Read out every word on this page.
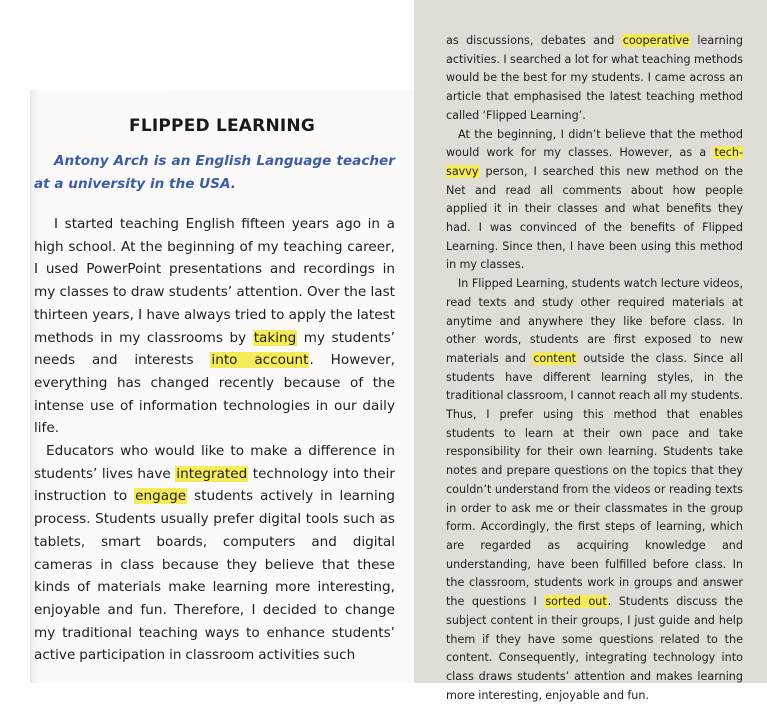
FLIPPED LEARNING
Antony Arch is an English Language teacher at a university in the USA.

I started teaching English fifteen years ago in a high school. At the beginning of my teaching career, I used PowerPoint presentations and recordings in my classes to draw students’ attention. Over the last thirteen years, I have always tried to apply the latest methods in my classrooms by taking my students’ needs and interests into account. However, everything has changed recently because of the intense use of information technologies in our daily life.

Educators who would like to make a difference in students’ lives have integrated technology into their instruction to engage students actively in learning process. Students usually prefer digital tools such as tablets, smart boards, computers and digital cameras in class because they believe that these kinds of materials make learning more interesting, enjoyable and fun. Therefore, I decided to change my traditional teaching ways to enhance students’ active participation in classroom activities such

as discussions, debates and cooperative learning activities. I searched a lot for what teaching methods would be the best for my students. I came across an article that emphasised the latest teaching method called ‘Flipped Learning’.

At the beginning, I didn’t believe that the method would work for my classes. However, as a tech-savvy person, I searched this new method on the Net and read all comments about how people applied it in their classes and what benefits they had. I was convinced of the benefits of Flipped Learning. Since then, I have been using this method in my classes.

In Flipped Learning, students watch lecture videos, read texts and study other required materials at anytime and anywhere they like before class. In other words, students are first exposed to new materials and content outside the class. Since all students have different learning styles, in the traditional classroom, I cannot reach all my students. Thus, I prefer using this method that enables students to learn at their own pace and take responsibility for their own learning. Students take notes and prepare questions on the topics that they couldn’t understand from the videos or reading texts in order to ask me or their classmates in the group form. Accordingly, the first steps of learning, which are regarded as acquiring knowledge and understanding, have been fulfilled before class. In the classroom, students work in groups and answer the questions I sorted out. Students discuss the subject content in their groups, I just guide and help them if they have some questions related to the content. Consequently, integrating technology into class draws students’ attention and makes learning more interesting, enjoyable and fun.
